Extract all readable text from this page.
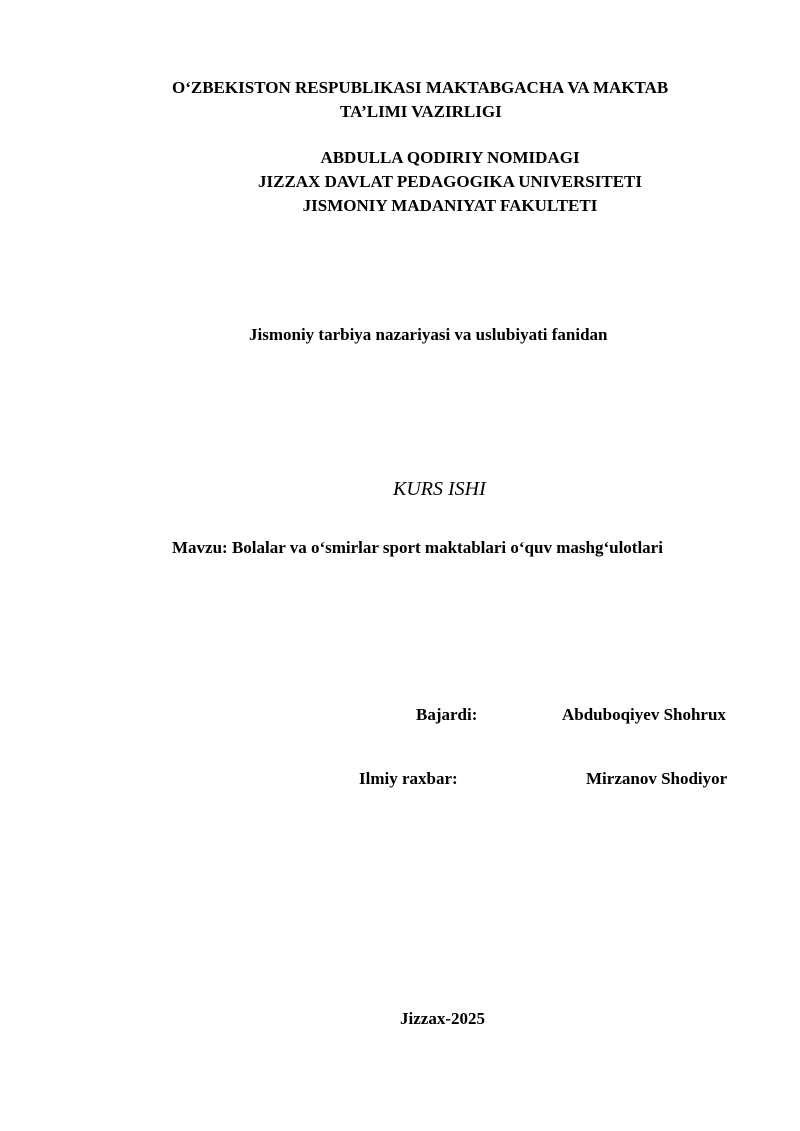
O‘ZBEKISTON RESPUBLIKASI MAKTABGACHA VA MAKTAB
TA’LIMI VAZIRLIGI
ABDULLA QODIRIY NOMIDAGI
JIZZAX DAVLAT PEDAGOGIKA UNIVERSITETI
JISMONIY MADANIYAT FAKULTETI
Jismoniy tarbiya nazariyasi va uslubiyati fanidan
KURS ISHI
Mavzu: Bolalar va o‘smirlar sport maktablari o‘quv mashg‘ulotlari
Bajardi:	Abduboqiyev Shohrux
Ilmiy raxbar:	Mirzanov Shodiyor
Jizzax-2025
